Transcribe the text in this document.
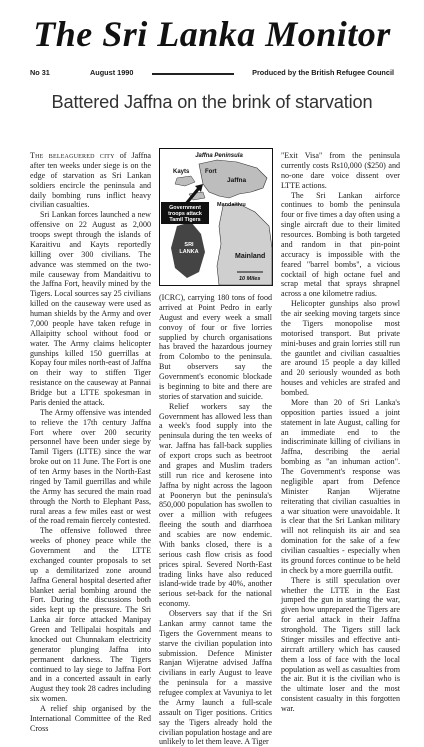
The Sri Lanka Monitor
No 31	August 1990	Produced by the British Refugee Council
Battered Jaffna on the brink of starvation

The beleaguered city of Jaffna after ten weeks under siege is on the edge of starvation as Sri Lankan soldiers encircle the peninsula and daily bombing runs inflict heavy civilian casualties.

Sri Lankan forces launched a new offensive on 22 August as 2,000 troops swept through the islands of Karaitivu and Kayts reportedly killing over 300 civilians. The advance was stemmed on the two-mile causeway from Mandaitivu to the Jaffna Fort, heavily mined by the Tigers. Local sources say 25 civilians killed on the causeway were used as human shields by the Army and over 7,000 people have taken refuge in Allaipitty school without food or water. The Army claims helicopter gunships killed 150 guerrillas at Kopay four miles north-east of Jaffna on their way to stiffen Tiger resistance on the causeway at Pannai Bridge but a LTTE spokesman in Paris denied the attack.

The Army offensive was intended to relieve the 17th century Jaffna Fort where over 200 security personnel have been under siege by Tamil Tigers (LTTE) since the war broke out on 11 June. The Fort is one of ten Army bases in the North-East ringed by Tamil guerrillas and while the Army has secured the main road through the North to Elephant Pass, rural areas a few miles east or west of the road remain fiercely contested.

The offensive followed three weeks of phoney peace while the Government and the LTTE exchanged counter proposals to set up a demilitarized zone around Jaffna General hospital deserted after blanket aerial bombing around the Fort. During the discussions both sides kept up the pressure. The Sri Lanka air force attacked Manipay Green and Tellipalai hospitals and knocked out Chunnakam electricity generator plunging Jaffna into permanent darkness. The Tigers continued to lay siege to Jaffna Fort and in a concerted assault in early August they took 28 cadres including six women.

A relief ship organised by the International Committee of the Red Cross

SRI
LANKA
Jaffna Peninsula
Kayts	Fort
Jaffna
Government
troops attack
Tamil Tigers
Mandaitivu
Mainland
10 Miles

(ICRC), carrying 180 tons of food arrived at Point Pedro in early August and every week a small convoy of four or five lorries supplied by church organisations has braved the hazardous journey from Colombo to the peninsula. But observers say the Government's economic blockade is beginning to bite and there are stories of starvation and suicide.

Relief workers say the Government has allowed less than a week's food supply into the peninsula during the ten weeks of war. Jaffna has fall-back supplies of export crops such as beetroot and grapes and Muslim traders still run rice and kerosene into Jaffna by night across the lagoon at Pooneryn but the peninsula's 850,000 population has swollen to over a million with refugees fleeing the south and diarrhoea and scabies are now endemic. With banks closed, there is a serious cash flow crisis as food prices spiral. Severed North-East trading links have also reduced island-wide trade by 40%, another serious set-back for the national economy.

Observers say that if the Sri Lankan army cannot tame the Tigers the Government means to starve the civilian population into submission. Defence Minister Ranjan Wijeratne advised Jaffna civilians in early August to leave the peninsula for a massive refugee complex at Vavuniya to let the Army launch a full-scale assault on Tiger positions. Critics say the Tigers already hold the civilian population hostage and are unlikely to let them leave. A Tiger

"Exit Visa" from the peninsula currently costs Rs10,000 ($250) and no-one dare voice dissent over LTTE actions.

The Sri Lankan airforce continues to bomb the peninsula four or five times a day often using a single aircraft due to their limited resources. Bombing is both targeted and random in that pin-point accuracy is impossible with the feared "barrel bombs", a vicious cocktail of high octane fuel and scrap metal that sprays shrapnel across a one kilometre radius.

Helicopter gunships also prowl the air seeking moving targets since the Tigers monopolise most motorised transport. But private mini-buses and grain lorries still run the gauntlet and civilian casualties are around 15 people a day killed and 20 seriously wounded as both houses and vehicles are strafed and bombed.

More than 20 of Sri Lanka's opposition parties issued a joint statement in late August, calling for an immediate end to the indiscriminate killing of civilians in Jaffna, describing the aerial bombing as "an inhuman action". The Government's response was negligible apart from Defence Minister Ranjan Wijeratne reiterating that civilian casualties in a war situation were unavoidable. It is clear that the Sri Lankan military will not relinquish its air and sea domination for the sake of a few civilian casualties - especially when its ground forces continue to be held in check by a more guerrilla outfit.

There is still speculation over whether the LTTE in the East jumped the gun in starting the war, given how unprepared the Tigers are for aerial attack in their Jaffna stronghold. The Tigers still lack Stinger missiles and effective anti-aircraft artillery which has caused them a loss of face with the local population as well as casualties from the air. But it is the civilian who is the ultimate loser and the most consistent casualty in this forgotten war.
